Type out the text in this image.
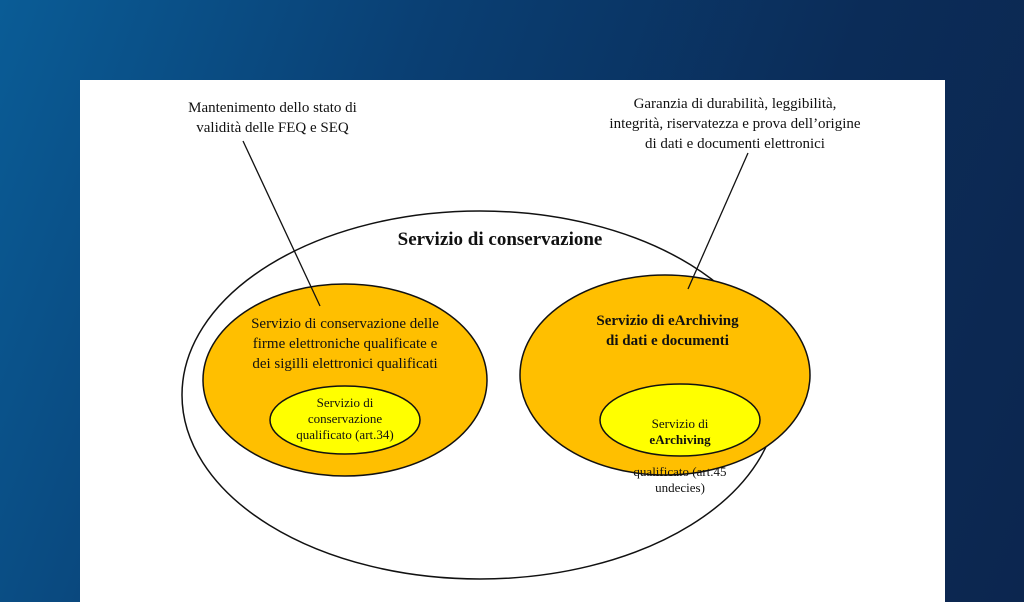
Mantenimento dello stato di
validità delle FEQ e SEQ
Garanzia di durabilità, leggibilità,
integrità, riservatezza e prova dell’origine
di dati e documenti elettronici
Servizio di conservazione
Servizio di conservazione delle
firme elettroniche qualificate e
dei sigilli elettronici qualificati
Servizio di
conservazione
qualificato (art.34)
Servizio di eArchiving
di dati e documenti

Servizio di
eArchiving

qualificato (art.45
undecies)
